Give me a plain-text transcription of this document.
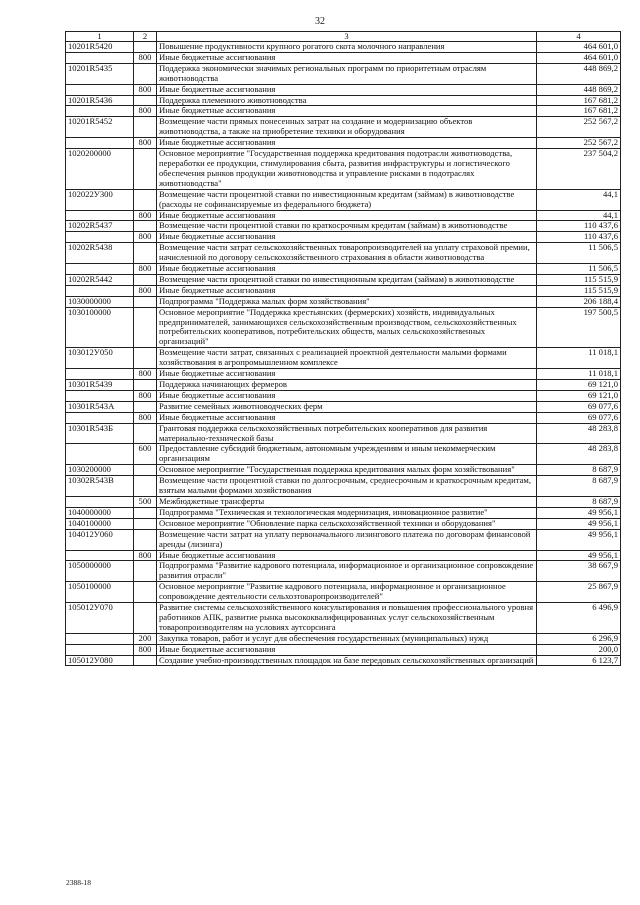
32
1	2	3	4
10201R5420		Повышение продуктивности крупного рогатого скота молочного направления	464 601,0
	800	Иные бюджетные ассигнования	464 601,0
10201R5435		Поддержка экономически значимых региональных программ по приоритетным отраслям животноводства	448 869,2
	800	Иные бюджетные ассигнования	448 869,2
10201R5436		Поддержка племенного животноводства	167 681,2
	800	Иные бюджетные ассигнования	167 681,2
10201R5452		Возмещение части прямых понесенных затрат на создание и модернизацию объектов животноводства, а также на приобретение техники и оборудования	252 567,2
	800	Иные бюджетные ассигнования	252 567,2
1020200000		Основное мероприятие "Государственная поддержка кредитования подотрасли животноводства, переработки ее продукции, стимулирования сбыта, развития инфраструктуры и логистического обеспечения рынков продукции животноводства и управление рисками в подотраслях животноводства"	237 504,2
102022У300		Возмещение части процентной ставки по инвестиционным кредитам (займам) в животноводстве (расходы не софинансируемые из федерального бюджета)	44,1
	800	Иные бюджетные ассигнования	44,1
10202R5437		Возмещение части процентной ставки по краткосрочным кредитам (займам) в животноводстве	110 437,6
	800	Иные бюджетные ассигнования	110 437,6
10202R5438		Возмещение части затрат сельскохозяйственных товаропроизводителей на уплату страховой премии, начисленной по договору сельскохозяйственного страхования в области животноводства	11 506,5
	800	Иные бюджетные ассигнования	11 506,5
10202R5442		Возмещение части процентной ставки по инвестиционным кредитам (займам) в животноводстве	115 515,9
	800	Иные бюджетные ассигнования	115 515,9
1030000000		Подпрограмма "Поддержка малых форм хозяйствования"	206 188,4
1030100000		Основное мероприятие "Поддержка крестьянских (фермерских) хозяйств, индивидуальных предпринимателей, занимающихся сельскохозяйственным производством, сельскохозяйственных потребительских кооперативов, потребительских обществ, малых сельскохозяйственных организаций"	197 500,5
103012У050		Возмещение части затрат, связанных с реализацией проектной деятельности малыми формами хозяйствования в агропромышленном комплексе	11 018,1
	800	Иные бюджетные ассигнования	11 018,1
10301R5439		Поддержка начинающих фермеров	69 121,0
	800	Иные бюджетные ассигнования	69 121,0
10301R543А		Развитие семейных животноводческих ферм	69 077,6
	800	Иные бюджетные ассигнования	69 077,6
10301R543Б		Грантовая поддержка сельскохозяйственных потребительских кооперативов для развития материально-технической базы	48 283,8
	600	Предоставление субсидий бюджетным, автономным учреждениям и иным некоммерческим организациям	48 283,8
1030200000		Основное мероприятие "Государственная поддержка кредитования малых форм хозяйствования"	8 687,9
10302R543В		Возмещение части процентной ставки по долгосрочным, среднесрочным и краткосрочным кредитам, взятым малыми формами хозяйствования	8 687,9
	500	Межбюджетные трансферты	8 687,9
1040000000		Подпрограмма "Техническая и технологическая модернизация, инновационное развитие"	49 956,1
1040100000		Основное мероприятие "Обновление парка сельскохозяйственной техники и оборудования"	49 956,1
104012У060		Возмещение части затрат на уплату первоначального лизингового платежа по договорам финансовой аренды (лизинга)	49 956,1
	800	Иные бюджетные ассигнования	49 956,1
1050000000		Подпрограмма "Развитие кадрового потенциала, информационное и организационное сопровождение развития отрасли"	38 667,9
1050100000		Основное мероприятие "Развитие кадрового потенциала, информационное и организационное сопровождение деятельности сельхозтоваропроизводителей"	25 867,9
105012У070		Развитие системы сельскохозяйственного консультирования и повышения профессионального уровня работников АПК, развитие рынка высококвалифицированных услуг сельскохозяйственным товаропроизводителям на условиях аутсорсинга	6 496,9
	200	Закупка товаров, работ и услуг для обеспечения государственных (муниципальных) нужд	6 296,9
	800	Иные бюджетные ассигнования	200,0
105012У080		Создание учебно-производственных площадок на базе передовых сельскохозяйственных организаций	6 123,7
2388-18
